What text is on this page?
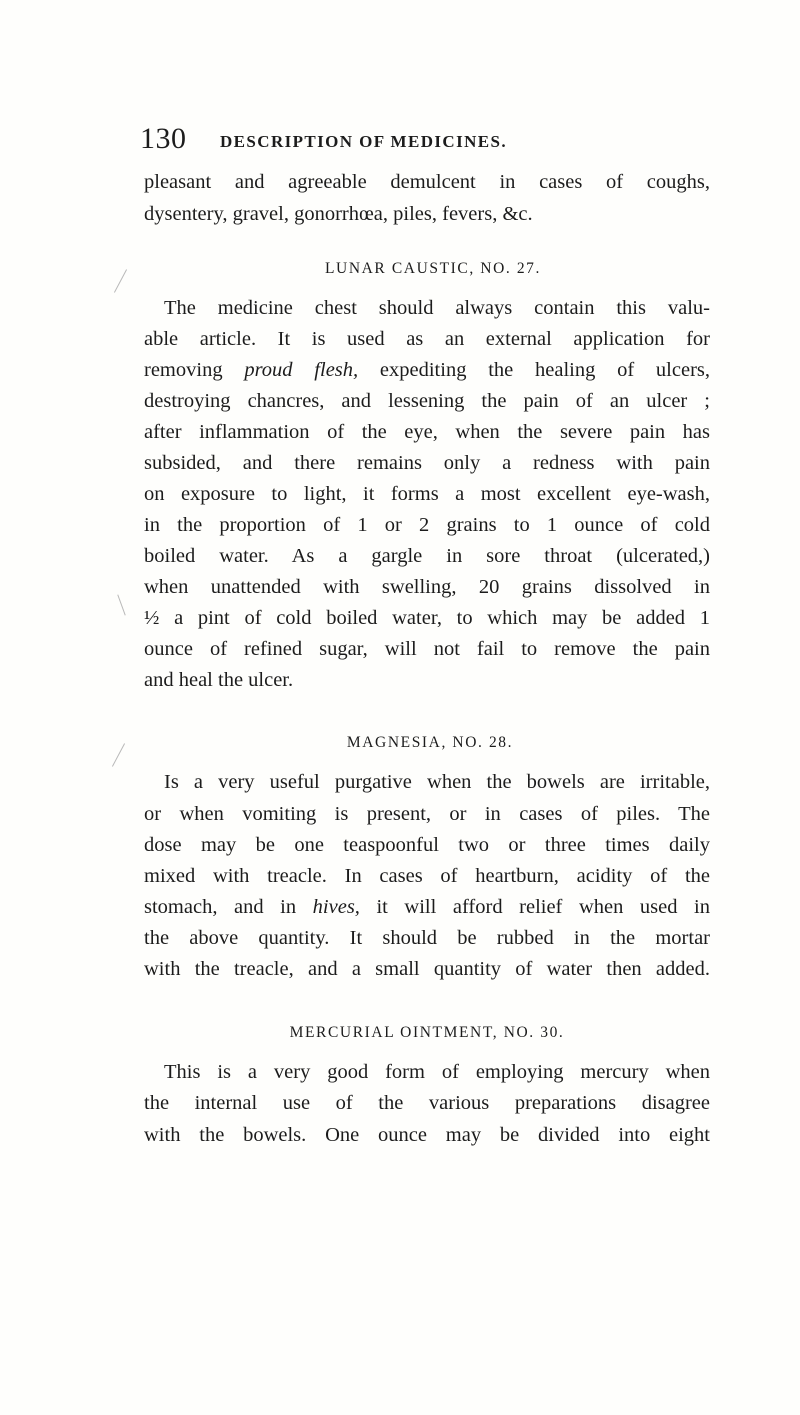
130 DESCRIPTION OF MEDICINES.
pleasant and agreeable demulcent in cases of coughs,
dysentery, gravel, gonorrhœa, piles, fevers, &c.
LUNAR CAUSTIC, NO. 27.
The medicine chest should always contain this valu-
able article. It is used as an external application for
removing proud flesh, expediting the healing of ulcers,
destroying chancres, and lessening the pain of an ulcer ;
after inflammation of the eye, when the severe pain has
subsided, and there remains only a redness with pain
on exposure to light, it forms a most excellent eye-wash,
in the proportion of 1 or 2 grains to 1 ounce of cold
boiled water. As a gargle in sore throat (ulcerated,)
when unattended with swelling, 20 grains dissolved in
½ a pint of cold boiled water, to which may be added 1
ounce of refined sugar, will not fail to remove the pain
and heal the ulcer.
MAGNESIA, NO. 28.
Is a very useful purgative when the bowels are irritable,
or when vomiting is present, or in cases of piles. The
dose may be one teaspoonful two or three times daily
mixed with treacle. In cases of heartburn, acidity of the
stomach, and in hives, it will afford relief when used in
the above quantity. It should be rubbed in the mortar
with the treacle, and a small quantity of water then added.
MERCURIAL OINTMENT, NO. 30.
This is a very good form of employing mercury when
the internal use of the various preparations disagree
with the bowels. One ounce may be divided into eight
